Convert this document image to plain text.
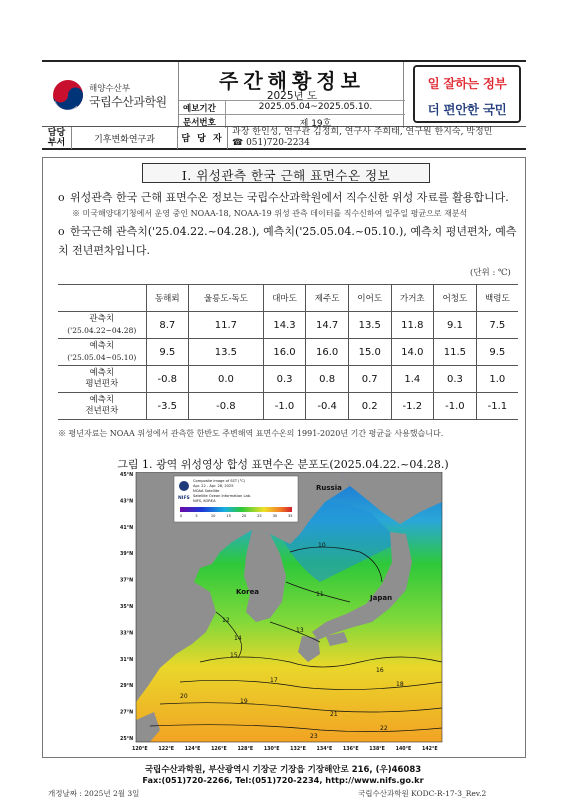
해양수산부
국립수산과학원
주간해황정보
2025년 도
예보기간	2025.05.04~2025.05.10.
문서번호	제 19호
일 잘하는 정부
더 편안한 국민
담당
부서	기후변화연구과	담 당 자
과장 한인성, 연구관 김정희, 연구사 주희태, 연구원 한지숙, 박정민
☎ 051)720-2234
Ⅰ. 위성관측 한국 근해 표면수온 정보
o 위성관측 한국 근해 표면수온 정보는 국립수산과학원에서 직수신한 위성 자료를 활용합니다.
※ 미국해양대기청에서 운영 중인 NOAA-18, NOAA-19 위성 관측 데이터를 직수신하여 일주일 평균으로 재분석
o 한국근해 관측치('25.04.22.~04.28.), 예측치('25.05.04.~05.10.), 예측치 평년편차, 예측치 전년편차입니다.
(단위 : ℃)
	동해뢰	울릉도-독도	대마도	제주도	이어도	가거초	어청도	백령도

관측치
('25.04.22~04.28)	8.7	11.7	14.3	14.7	13.5	11.8	9.1	7.5

예측치
('25.05.04~05.10)	9.5	13.5	16.0	16.0	15.0	14.0	11.5	9.5

예측치
평년편차	-0.8	0.0	0.3	0.8	0.7	1.4	0.3	1.0

예측치
전년편차	-3.5	-0.8	-1.0	-0.4	0.2	-1.2	-1.0	-1.1
※ 평년자료는 NOAA 위성에서 관측한 한반도 주변해역 표면수온의 1991-2020년 기간 평균을 사용했습니다.
그림 1. 광역 위성영상 합성 표면수온 분포도(2025.04.22.~04.28.)
10
11
13
15
17
19
21
23
12
14
16
18
20
22
Russia
Korea
Japan
NIFS
Composite image of SST (°C)
Apr. 22 - Apr. 28, 2025
NOAA Satellite
Satellite Ocean Information Lab.
NIFS, KOREA
0	5	10	15	20	25	30	35
45°N
43°N
41°N
39°N
37°N
35°N
33°N
31°N
29°N
27°N
25°N
120°E 122°E 124°E 126°E 128°E 130°E 132°E 134°E 136°E 138°E 140°E 142°E
국립수산과학원, 부산광역시 기장군 기장읍 기장해안로 216, (우)46083
Fax:(051)720-2266, Tel:(051)720-2234, http://www.nifs.go.kr
개정날짜 : 2025년 2월 3일	국립수산과학원 KODC-R-17-3_Rev.2
